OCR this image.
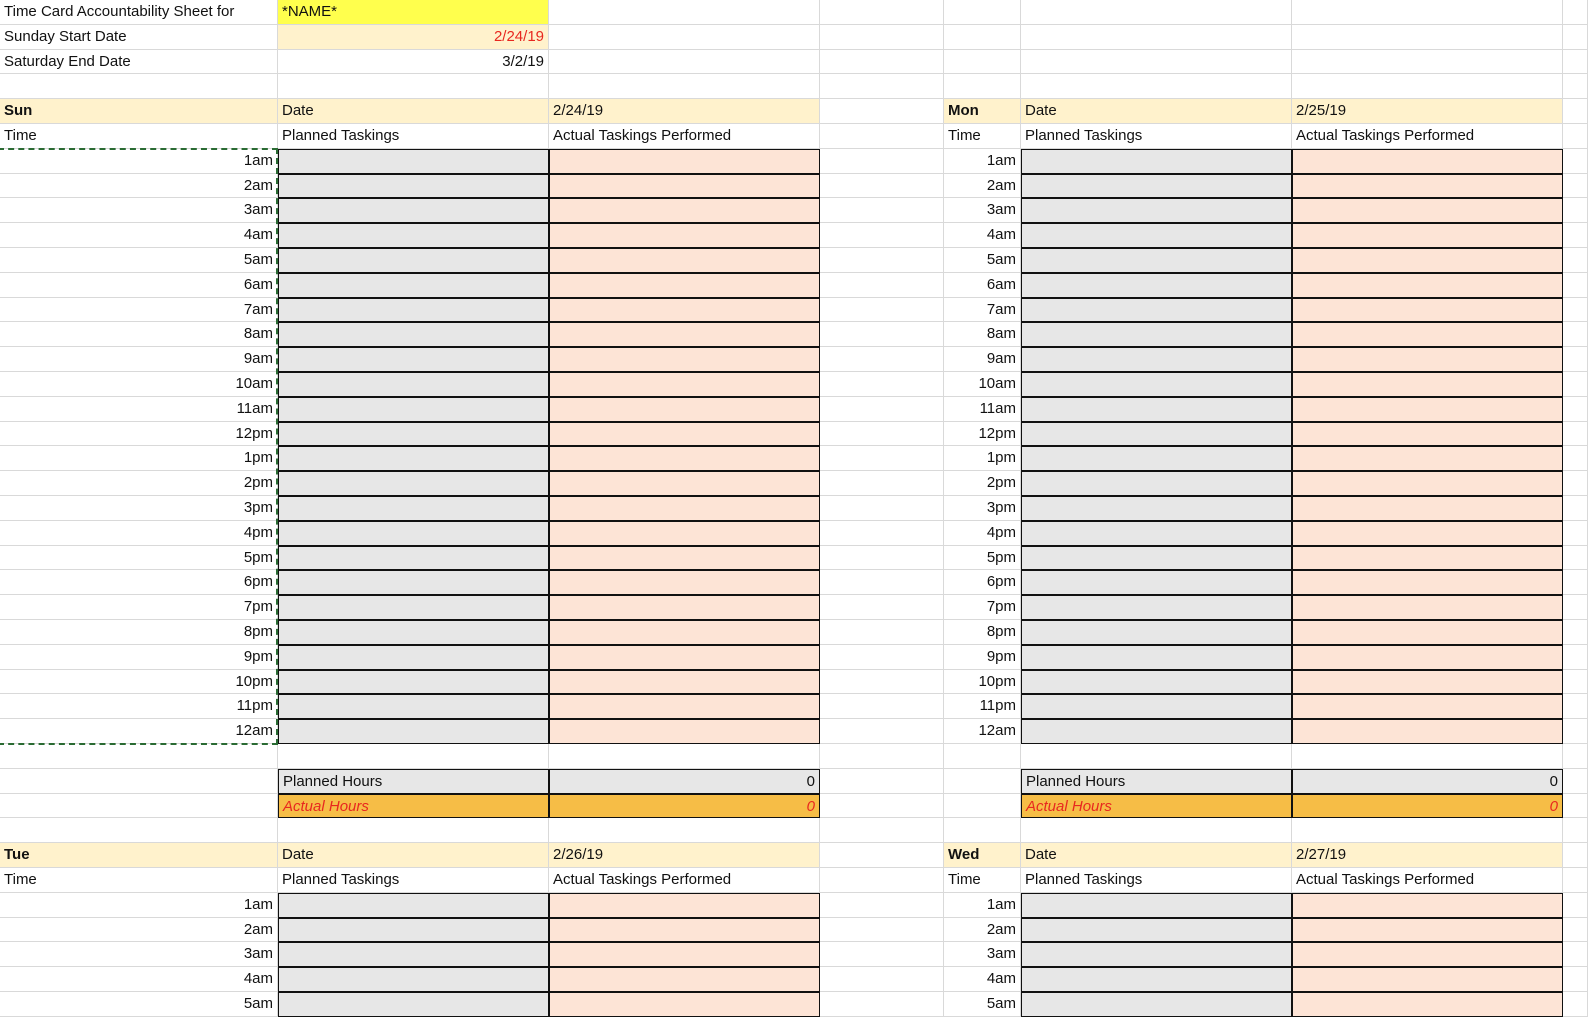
Time Card Accountability Sheet for	*NAME*
Sunday Start Date	2/24/19
Saturday End Date	3/2/19
Sun	Date	2/24/19
Time	Planned Taskings	Actual Taskings Performed
1am
2am
3am
4am
5am
6am
7am
8am
9am
10am
11am
12pm
1pm
2pm
3pm
4pm
5pm
6pm
7pm
8pm
9pm
10pm
11pm
12am
Planned Hours	0
Actual Hours	0
Mon	Date	2/25/19
Time	Planned Taskings	Actual Taskings Performed
1am
2am
3am
4am
5am
6am
7am
8am
9am
10am
11am
12pm
1pm
2pm
3pm
4pm
5pm
6pm
7pm
8pm
9pm
10pm
11pm
12am
Planned Hours	0
Actual Hours	0
Tue	Date	2/26/19
Time	Planned Taskings	Actual Taskings Performed
1am
2am
3am
4am
5am
Wed	Date	2/27/19
Time	Planned Taskings	Actual Taskings Performed
1am
2am
3am
4am
5am
